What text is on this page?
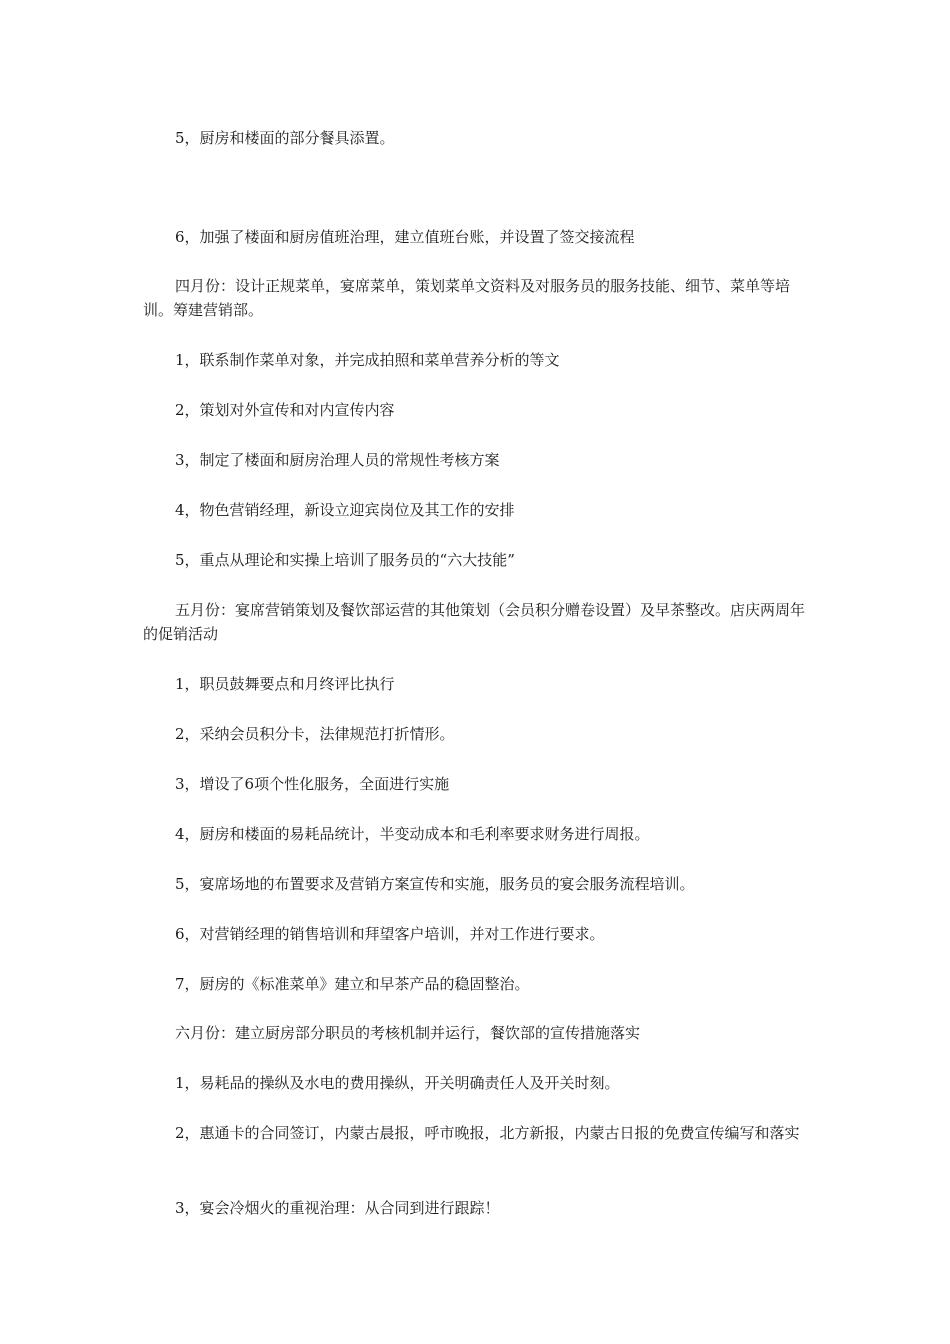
5，厨房和楼面的部分餐具添置。

6，加强了楼面和厨房值班治理，建立值班台账，并设置了签交接流程

四月份：设计正规菜单，宴席菜单，策划菜单文资料及对服务员的服务技能、细节、菜单等培训。筹建营销部。

1，联系制作菜单对象，并完成拍照和菜单营养分析的等文

2，策划对外宣传和对内宣传内容

3，制定了楼面和厨房治理人员的常规性考核方案

4，物色营销经理，新设立迎宾岗位及其工作的安排

5，重点从理论和实操上培训了服务员的“六大技能”

五月份：宴席营销策划及餐饮部运营的其他策划（会员积分赠卷设置）及早茶整改。店庆两周年的促销活动

1，职员鼓舞要点和月终评比执行

2，采纳会员积分卡，法律规范打折情形。

3，增设了6项个性化服务，全面进行实施

4，厨房和楼面的易耗品统计，半变动成本和毛利率要求财务进行周报。

5，宴席场地的布置要求及营销方案宣传和实施，服务员的宴会服务流程培训。

6，对营销经理的销售培训和拜望客户培训，并对工作进行要求。

7，厨房的《标准菜单》建立和早茶产品的稳固整治。

六月份：建立厨房部分职员的考核机制并运行，餐饮部的宣传措施落实

1，易耗品的操纵及水电的费用操纵，开关明确责任人及开关时刻。

2，惠通卡的合同签订，内蒙古晨报，呼市晚报，北方新报，内蒙古日报的免费宣传编写和落实

3，宴会冷烟火的重视治理：从合同到进行跟踪！
